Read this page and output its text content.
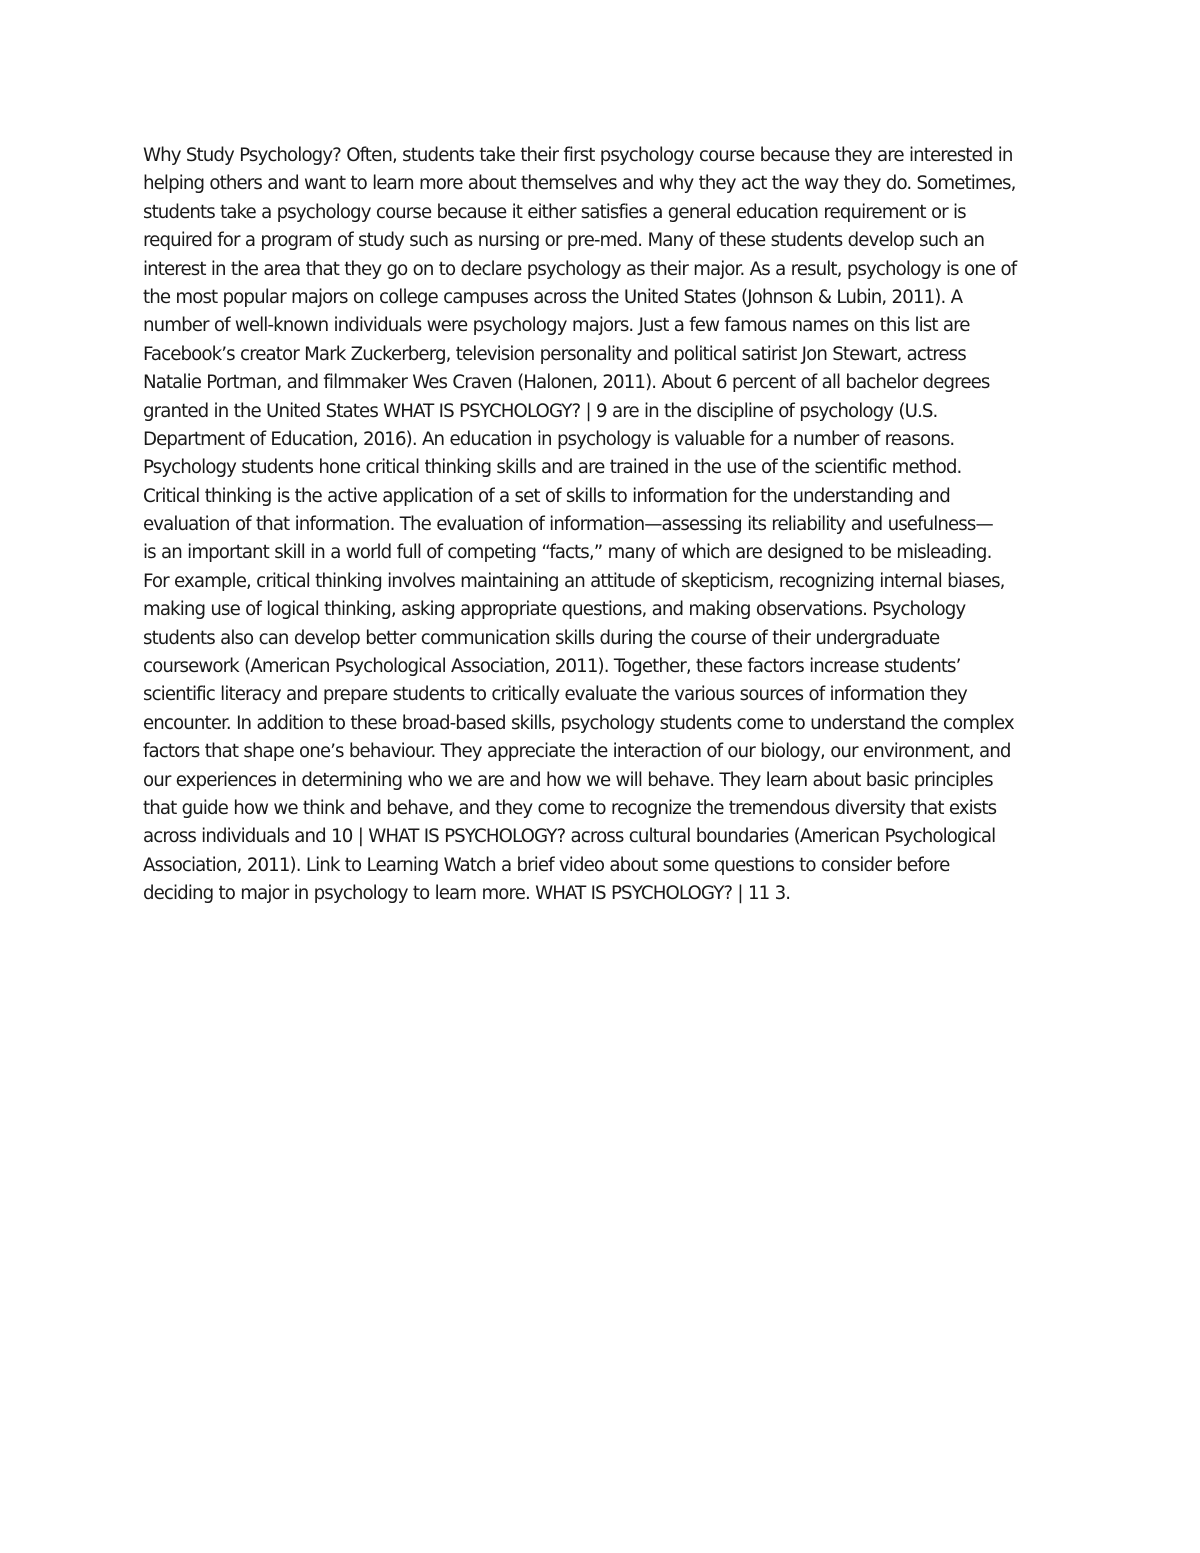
Why Study Psychology? Often, students take their first psychology course because they are interested in
helping others and want to learn more about themselves and why they act the way they do. Sometimes,
students take a psychology course because it either satisfies a general education requirement or is
required for a program of study such as nursing or pre-med. Many of these students develop such an
interest in the area that they go on to declare psychology as their major. As a result, psychology is one of
the most popular majors on college campuses across the United States (Johnson & Lubin, 2011). A
number of well-known individuals were psychology majors. Just a few famous names on this list are
Facebook’s creator Mark Zuckerberg, television personality and political satirist Jon Stewart, actress
Natalie Portman, and filmmaker Wes Craven (Halonen, 2011). About 6 percent of all bachelor degrees
granted in the United States WHAT IS PSYCHOLOGY? | 9 are in the discipline of psychology (U.S.
Department of Education, 2016). An education in psychology is valuable for a number of reasons.
Psychology students hone critical thinking skills and are trained in the use of the scientific method.
Critical thinking is the active application of a set of skills to information for the understanding and
evaluation of that information. The evaluation of information—assessing its reliability and usefulness—
is an important skill in a world full of competing “facts,” many of which are designed to be misleading.
For example, critical thinking involves maintaining an attitude of skepticism, recognizing internal biases,
making use of logical thinking, asking appropriate questions, and making observations. Psychology
students also can develop better communication skills during the course of their undergraduate
coursework (American Psychological Association, 2011). Together, these factors increase students’
scientific literacy and prepare students to critically evaluate the various sources of information they
encounter. In addition to these broad-based skills, psychology students come to understand the complex
factors that shape one’s behaviour. They appreciate the interaction of our biology, our environment, and
our experiences in determining who we are and how we will behave. They learn about basic principles
that guide how we think and behave, and they come to recognize the tremendous diversity that exists
across individuals and 10 | WHAT IS PSYCHOLOGY? across cultural boundaries (American Psychological
Association, 2011). Link to Learning Watch a brief video about some questions to consider before
deciding to major in psychology to learn more. WHAT IS PSYCHOLOGY? | 11 3.
